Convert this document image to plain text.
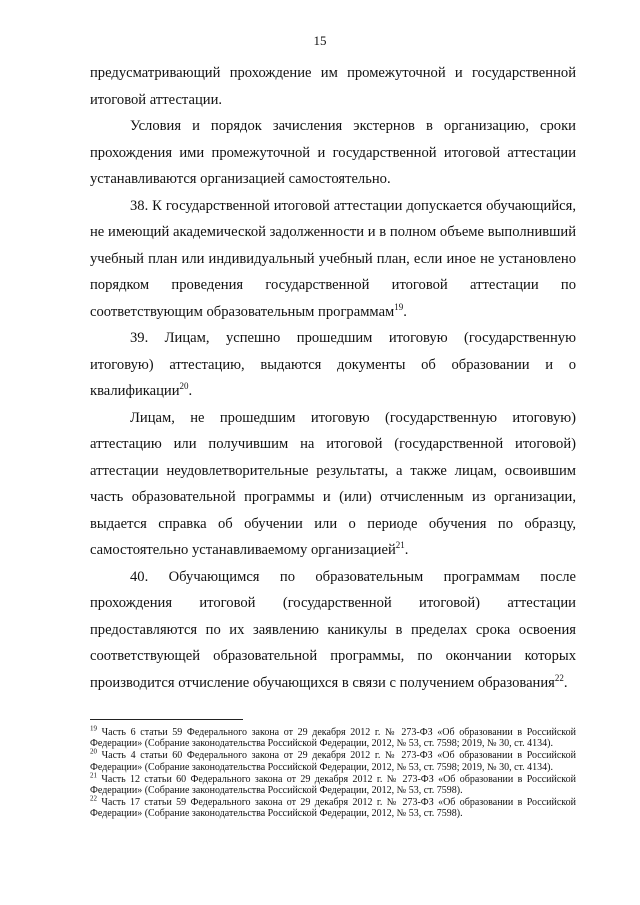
15

предусматривающий прохождение им промежуточной и государственной итоговой аттестации.

Условия и порядок зачисления экстернов в организацию, сроки прохождения ими промежуточной и государственной итоговой аттестации устанавливаются организацией самостоятельно.

38. К государственной итоговой аттестации допускается обучающийся, не имеющий академической задолженности и в полном объеме выполнивший учебный план или индивидуальный учебный план, если иное не установлено порядком проведения государственной итоговой аттестации по соответствующим образовательным программам$^{19}$.

39. Лицам, успешно прошедшим итоговую (государственную итоговую) аттестацию, выдаются документы об образовании и о квалификации$^{20}$.

Лицам, не прошедшим итоговую (государственную итоговую) аттестацию или получившим на итоговой (государственной итоговой) аттестации неудовлетворительные результаты, а также лицам, освоившим часть образовательной программы и (или) отчисленным из организации, выдается справка об обучении или о периоде обучения по образцу, самостоятельно устанавливаемому организацией$^{21}$.

40. Обучающимся по образовательным программам после прохождения итоговой (государственной итоговой) аттестации предоставляются по их заявлению каникулы в пределах срока освоения соответствующей образовательной программы, по окончании которых производится отчисление обучающихся в связи с получением образования$^{22}$.

$^{19}$ Часть 6 статьи 59 Федерального закона от 29 декабря 2012 г. № 273-ФЗ «Об образовании в Российской Федерации» (Собрание законодательства Российской Федерации, 2012, № 53, ст. 7598; 2019, № 30, ст. 4134).

$^{20}$ Часть 4 статьи 60 Федерального закона от 29 декабря 2012 г. № 273-ФЗ «Об образовании в Российской Федерации» (Собрание законодательства Российской Федерации, 2012, № 53, ст. 7598; 2019, № 30, ст. 4134).

$^{21}$ Часть 12 статьи 60 Федерального закона от 29 декабря 2012 г. № 273-ФЗ «Об образовании в Российской Федерации» (Собрание законодательства Российской Федерации, 2012, № 53, ст. 7598).

$^{22}$ Часть 17 статьи 59 Федерального закона от 29 декабря 2012 г. № 273-ФЗ «Об образовании в Российской Федерации» (Собрание законодательства Российской Федерации, 2012, № 53, ст. 7598).
